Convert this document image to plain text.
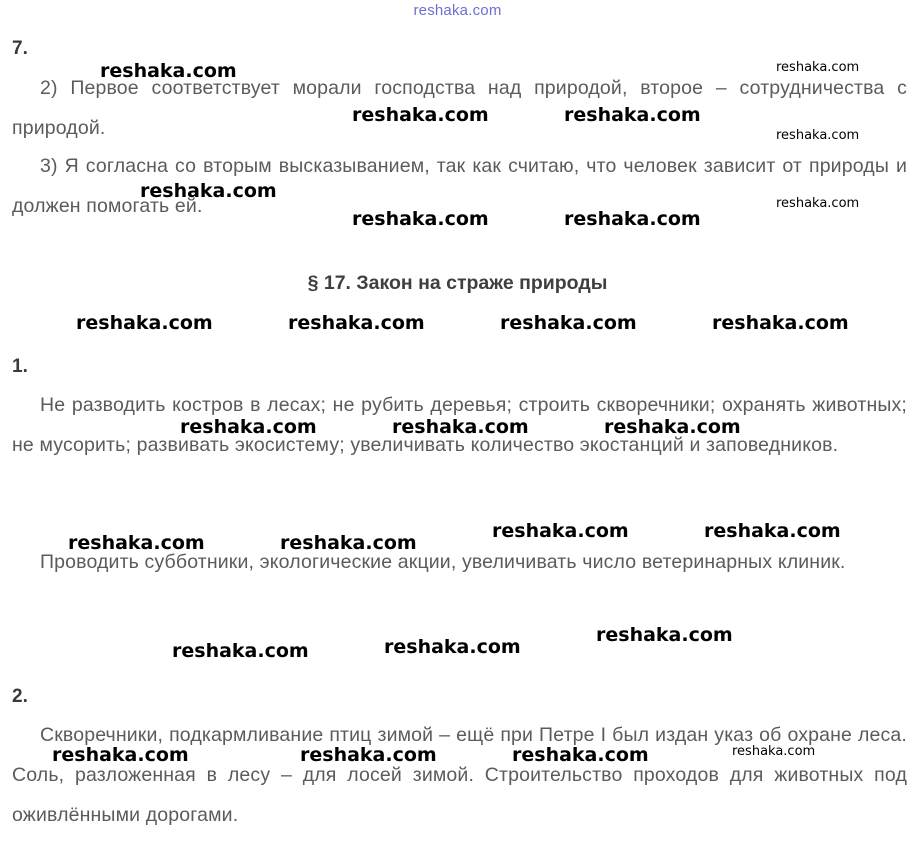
reshaka.com
7.
2) Первое соответствует морали господства над природой, второе – сотрудничества с природой.
3) Я согласна со вторым высказыванием, так как считаю, что человек зависит от природы и должен помогать ей.
§ 17. Закон на страже природы
1.
Не разводить костров в лесах; не рубить деревья; строить скворечники; охранять животных; не мусорить; развивать экосистему; увеличивать количество экостанций и заповедников.
Проводить субботники, экологические акции, увеличивать число ветеринарных клиник.
2.
Скворечники, подкармливание птиц зимой – ещё при Петре I был издан указ об охране леса. Соль, разложенная в лесу – для лосей зимой. Строительство проходов для животных под оживлёнными дорогами.
reshaka.com	reshaka.com
reshaka.com	reshaka.com
reshaka.com
reshaka.com
reshaka.com
reshaka.com	reshaka.com
reshaka.com	reshaka.com	reshaka.com	reshaka.com
reshaka.com	reshaka.com	reshaka.com
reshaka.com	reshaka.com
reshaka.com	reshaka.com
reshaka.com
reshaka.com
reshaka.com
reshaka.com
reshaka.com	reshaka.com	reshaka.com
